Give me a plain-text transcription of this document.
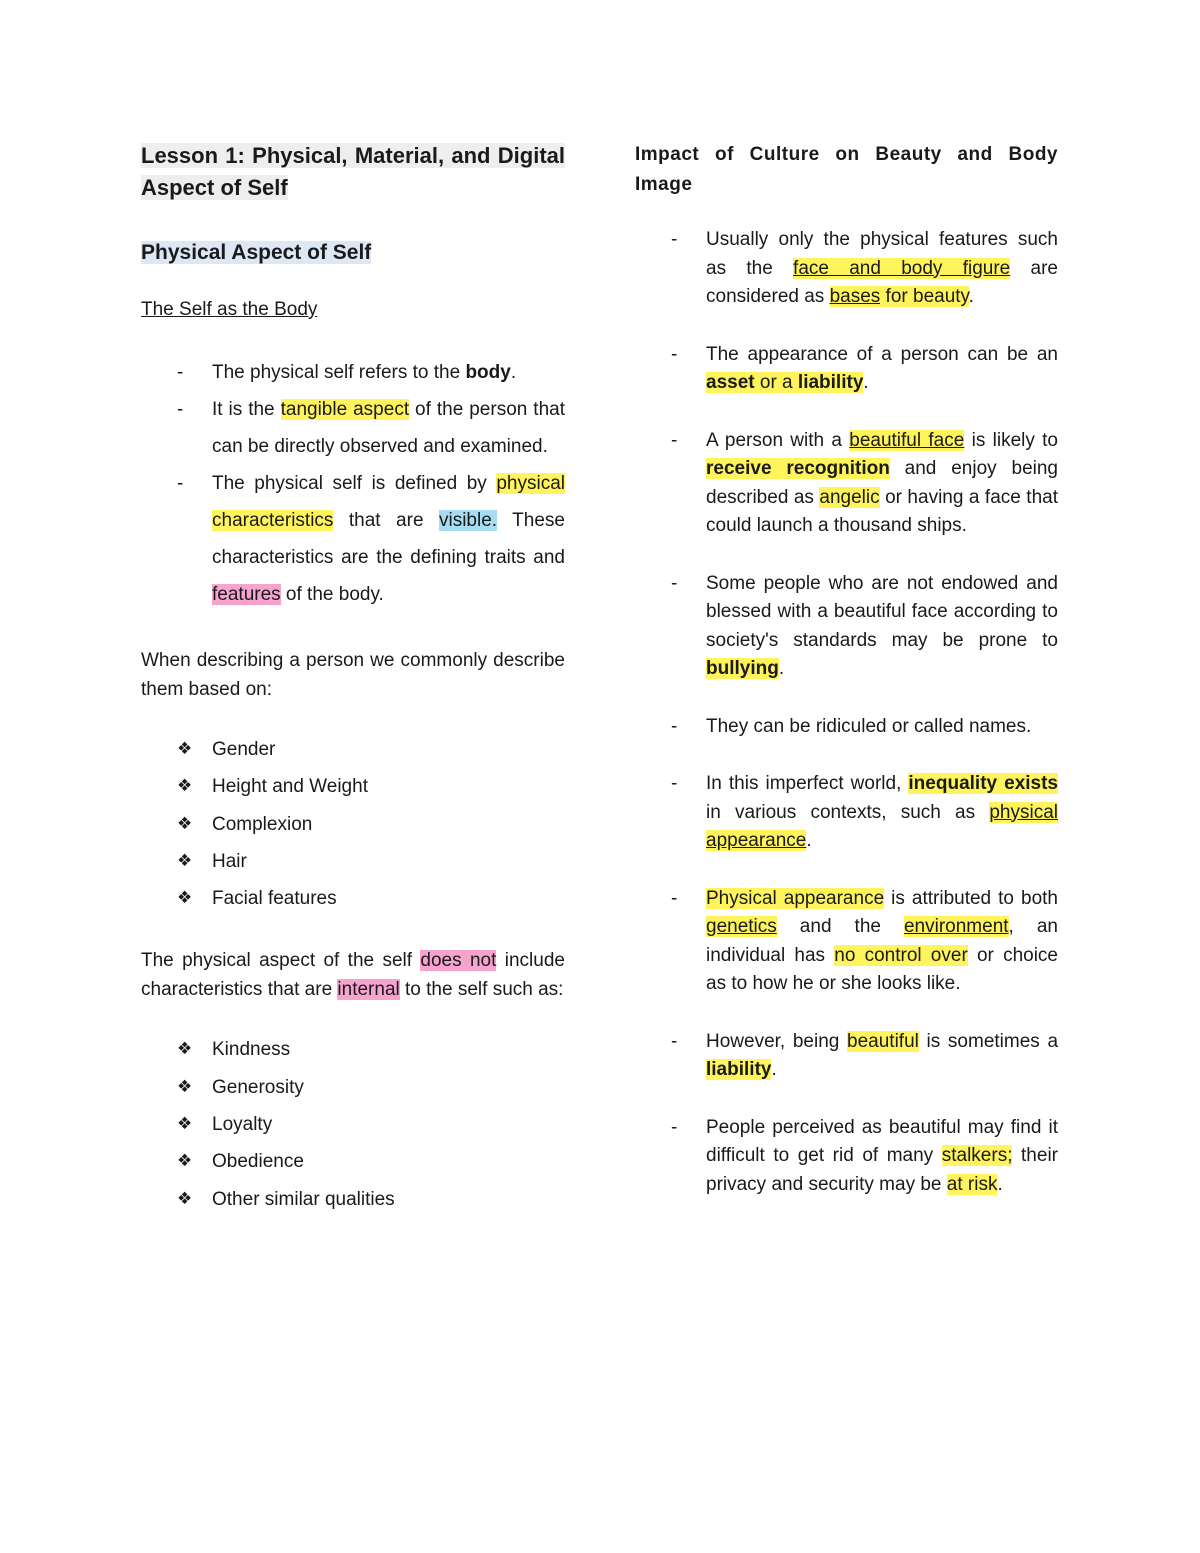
Lesson 1: Physical, Material, and Digital Aspect of Self

Physical Aspect of Self

The Self as the Body

- The physical self refers to the body.
- It is the tangible aspect of the person that can be directly observed and examined.
- The physical self is defined by physical characteristics that are visible. These characteristics are the defining traits and features of the body.

When describing a person we commonly describe them based on:

❖ Gender
❖ Height and Weight
❖ Complexion
❖ Hair
❖ Facial features

The physical aspect of the self does not include characteristics that are internal to the self such as:

❖ Kindness
❖ Generosity
❖ Loyalty
❖ Obedience
❖ Other similar qualities

Impact of Culture on Beauty and Body Image

- Usually only the physical features such as the face and body figure are considered as bases for beauty.
- The appearance of a person can be an asset or a liability.
- A person with a beautiful face is likely to receive recognition and enjoy being described as angelic or having a face that could launch a thousand ships.
- Some people who are not endowed and blessed with a beautiful face according to society's standards may be prone to bullying.
- They can be ridiculed or called names.
- In this imperfect world, inequality exists in various contexts, such as physical appearance.
- Physical appearance is attributed to both genetics and the environment, an individual has no control over or choice as to how he or she looks like.
- However, being beautiful is sometimes a liability.
- People perceived as beautiful may find it difficult to get rid of many stalkers; their privacy and security may be at risk.
